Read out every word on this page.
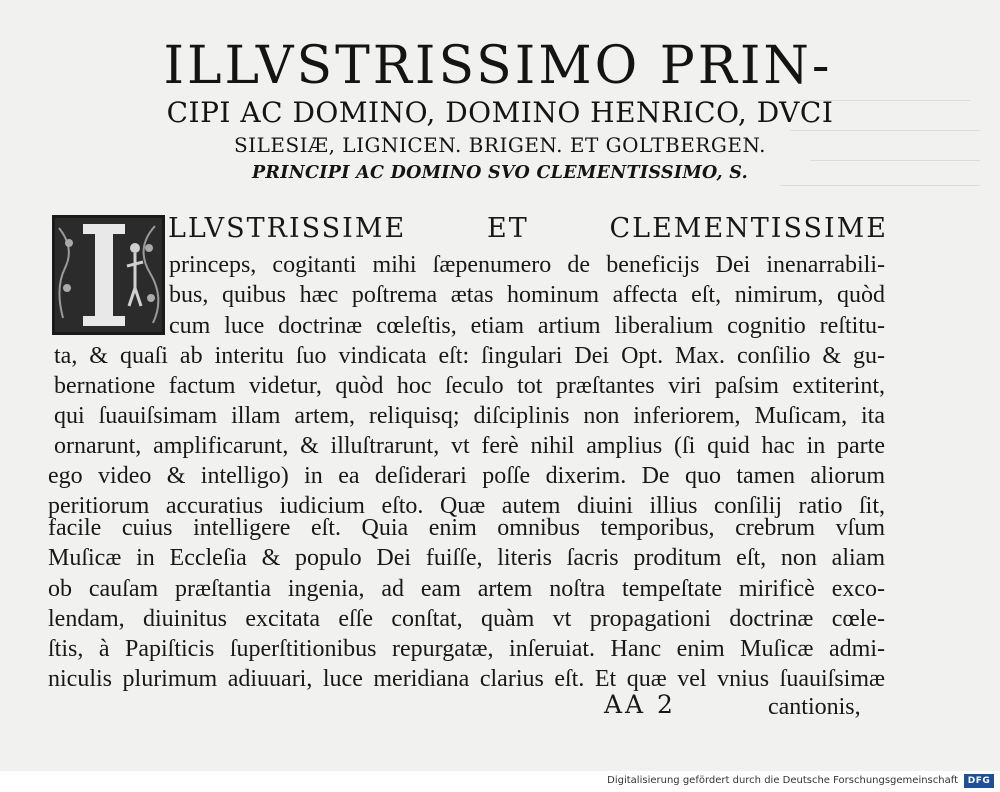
ILLVSTRISSIMO PRIN-
CIPI AC DOMINO, DOMINO HENRICO, DVCI
SILESIÆ, LIGNICEN. BRIGEN. ET GOLTBERGEN.
PRINCIPI AC DOMINO SVO CLEMENTISSIMO, S.
LLVSTRISSIME ET CLEMENTISSIME
princeps, cogitanti mihi ſæpenumero de beneficijs Dei inenarrabili-
bus, quibus hæc poſtrema ætas hominum affecta eſt, nimirum, quòd
cum luce doctrinæ cœleſtis, etiam artium liberalium cognitio reſtitu-
ta, & quaſi ab interitu ſuo vindicata eſt: ſingulari Dei Opt. Max. conſilio & gu-
bernatione factum videtur, quòd hoc ſeculo tot præſtantes viri paſsim extiterint,
qui ſuauiſsimam illam artem, reliquisq; diſciplinis non inferiorem, Muſicam, ita
ornarunt, amplificarunt, & illuſtrarunt, vt ferè nihil amplius (ſi quid hac in parte
ego video & intelligo) in ea deſiderari poſſe dixerim. De quo tamen aliorum
peritiorum accuratius iudicium eſto. Quæ autem diuini illius conſilij ratio ſit,
facile cuius intelligere eſt. Quia enim omnibus temporibus, crebrum vſum
Muſicæ in Eccleſia & populo Dei fuiſſe, literis ſacris proditum eſt, non aliam
ob cauſam præſtantia ingenia, ad eam artem noſtra tempeſtate mirificè exco-
lendam, diuinitus excitata eſſe conſtat, quàm vt propagationi doctrinæ cœle-
ſtis, à Papiſticis ſuperſtitionibus repurgatæ, inſeruiat. Hanc enim Muſicæ admi-
niculis plurimum adiuuari, luce meridiana clarius eſt. Et quæ vel vnius ſuauiſsimæ
AA 2	cantionis,
Digitalisierung gefördert durch die Deutsche Forschungsgemeinschaft	DFG
